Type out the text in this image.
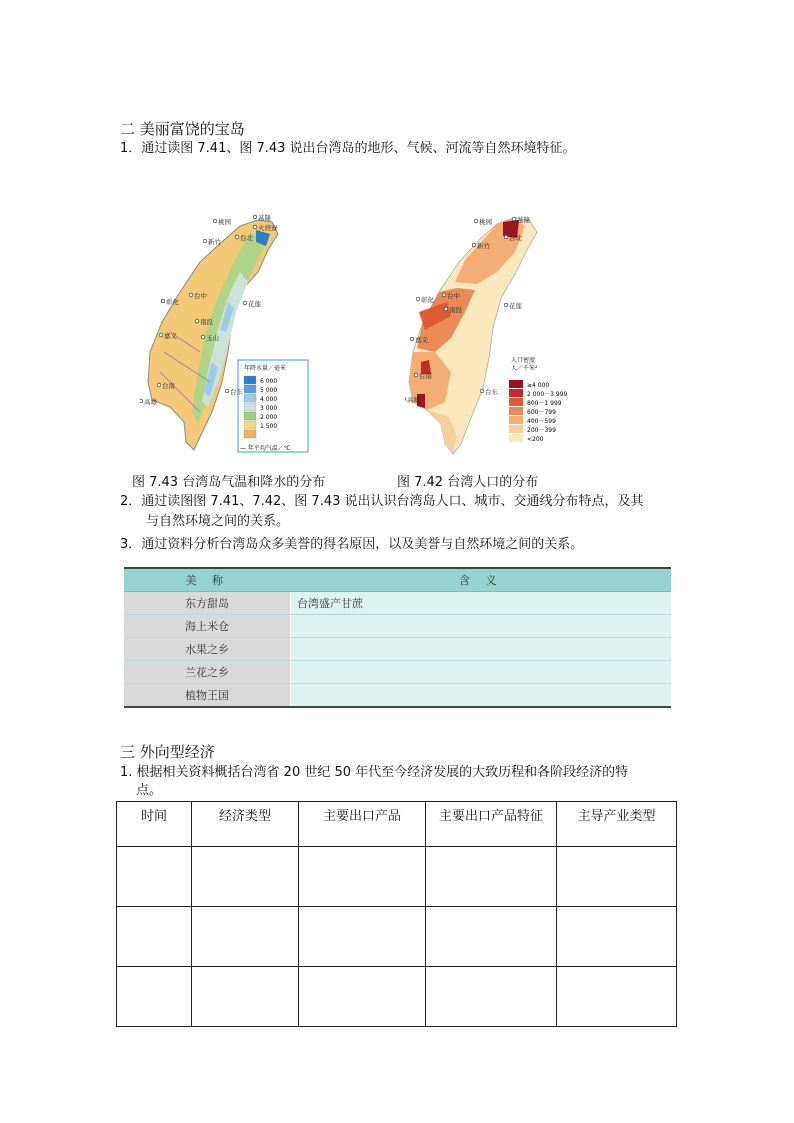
二 美丽富饶的宝岛
1．通过读图 7.41、图 7.43 说出台湾岛的地形、气候、河流等自然环境特征。
年降水量／毫米
6 000
5 000
4 000
3 000
2 000
1 500
— 年平均气温／℃
桃园	基隆
台北
火烧寮
新竹
台中
彰化	花莲
南投
嘉义	玉山
台南
台东
高雄
图 7.43 台湾岛气温和降水的分布
人口密度
人／千米²
≥4 000
2 000－3 999
800－1 999
600－799
400－599
200－399
<200
基隆
桃园
台北
新竹
台中
彰化
南投	花莲
嘉义
台南
台东
高雄
图 7.42 台湾人口的分布
2．通过读图图 7.41、7.42、图 7.43 说出认识台湾岛人口、城市、交通线分布特点，及其
与自然环境之间的关系。
3．通过资料分析台湾岛众多美誉的得名原因，以及美誉与自然环境之间的关系。
美 称	含 义
东方甜岛	台湾盛产甘蔗
海上米仓	
水果之乡	
兰花之乡	
植物王国	
三 外向型经济
1. 根据相关资料概括台湾省 20 世纪 50 年代至今经济发展的大致历程和各阶段经济的特
点。
时间	经济类型	主要出口产品	主要出口产品特征	主导产业类型
